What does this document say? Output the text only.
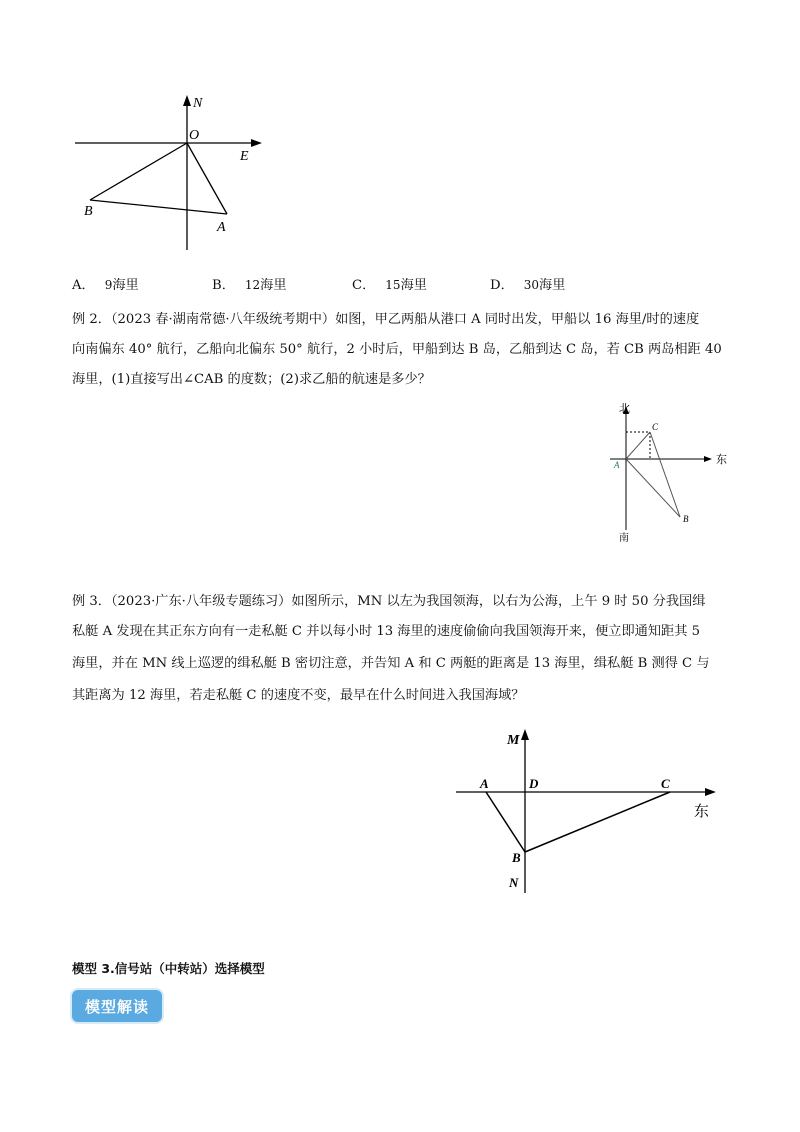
N
O
E
B
A
A． 9海里	B． 12海里	C． 15海里	D． 30海里
例 2．（2023 春·湖南常德·八年级统考期中）如图，甲乙两船从港口 A 同时出发，甲船以 16 海里/时的速度
向南偏东 40° 航行，乙船向北偏东 50° 航行，2 小时后，甲船到达 B 岛，乙船到达 C 岛，若 CB 两岛相距 40
海里，(1)直接写出∠CAB 的度数；(2)求乙船的航速是多少？
北
东
南
A
C
B
例 3．（2023·广东·八年级专题练习）如图所示，MN 以左为我国领海，以右为公海，上午 9 时 50 分我国缉
私艇 A 发现在其正东方向有一走私艇 C 并以每小时 13 海里的速度偷偷向我国领海开来，便立即通知距其 5
海里，并在 MN 线上巡逻的缉私艇 B 密切注意，并告知 A 和 C 两艇的距离是 13 海里，缉私艇 B 测得 C 与
其距离为 12 海里，若走私艇 C 的速度不变，最早在什么时间进入我国海域？
M
A	D	C
东
B
N
模型 3.信号站（中转站）选择模型
模型解读
